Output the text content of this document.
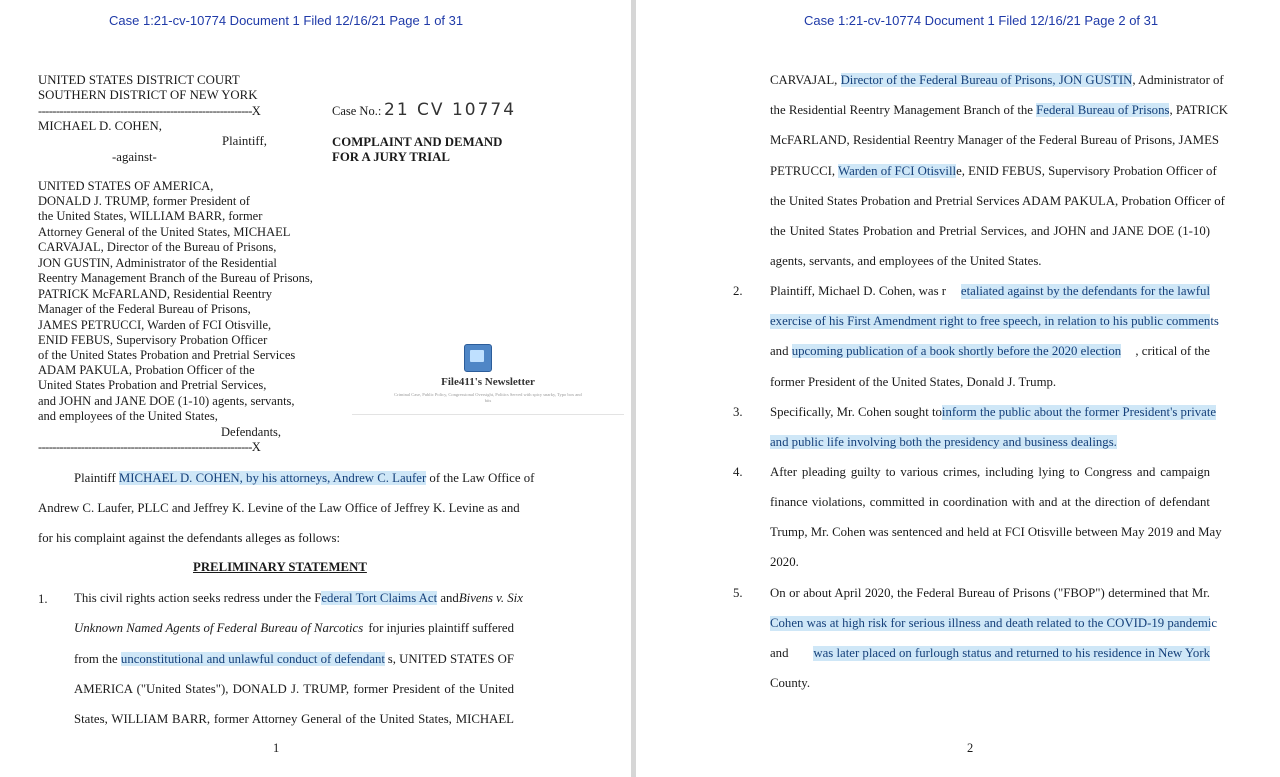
Case 1:21-cv-10774 Document 1 Filed 12/16/21 Page 1 of 31
UNITED STATES DISTRICT COURT
SOUTHERN DISTRICT OF NEW YORK
------------------------------------------------------------X
MICHAEL D. COHEN,
Plaintiff,
-against-
Case No.: 21 CV 10774
COMPLAINT AND DEMAND
FOR A JURY TRIAL
UNITED STATES OF AMERICA,
DONALD J. TRUMP, former President of
the United States, WILLIAM BARR, former
Attorney General of the United States, MICHAEL
CARVAJAL, Director of the Bureau of Prisons,
JON GUSTIN, Administrator of the Residential
Reentry Management Branch of the Bureau of Prisons,
PATRICK McFARLAND, Residential Reentry
Manager of the Federal Bureau of Prisons,
JAMES PETRUCCI, Warden of FCI Otisville,
ENID FEBUS, Supervisory Probation Officer
of the United States Probation and Pretrial Services
ADAM PAKULA, Probation Officer of the
United States Probation and Pretrial Services,
and JOHN and JANE DOE (1-10) agents, servants,
and employees of the United States,
Defendants,
------------------------------------------------------------X
File411's Newsletter
Criminal Case, Public Policy, Congressional Oversight, Politics Served with spicy snarky, Typo box and bits
Plaintiff MICHAEL D. COHEN, by his attorneys, Andrew C. Laufer of the Law Office of
Andrew C. Laufer, PLLC and Jeffrey K. Levine of the Law Office of Jeffrey K. Levine as and
for his complaint against the defendants alleges as follows:
PRELIMINARY STATEMENT
1. This civil rights action seeks redress under the Federal Tort Claims Act and Bivens v. Six
Unknown Named Agents of Federal Bureau of Narcotics for injuries plaintiff suffered
from the unconstitutional and unlawful conduct of defendant s, UNITED STATES OF
AMERICA ("United States"), DONALD J. TRUMP, former President of the United
States, WILLIAM BARR, former Attorney General of the United States, MICHAEL
1
Case 1:21-cv-10774 Document 1 Filed 12/16/21 Page 2 of 31
CARVAJAL, Director of the Federal Bureau of Prisons, JON GUSTIN , Administrator of
the Residential Reentry Management Branch of the Federal Bureau of Prisons , PATRICK
McFARLAND, Residential Reentry Manager of the Federal Bureau of Prisons, JAMES
PETRUCCI, Warden of FCI Otisvill e, ENID FEBUS, Supervisory Probation Officer of
the United States Probation and Pretrial Services ADAM PAKULA, Probation Officer of
the United States Probation and Pretrial Services, and JOHN and JANE DOE (1-10)
agents, servants, and employees of the United States.
2. Plaintiff, Michael D. Cohen, was r etaliated against by the defendants for the lawful
exercise of his First Amendment right to free speech, in relation to his public comments
and upcoming publication of a book shortly before the 2020 election , critical of the
former President of the United States, Donald J. Trump.
3. Specifically, Mr. Cohen sought to inform the public about the former President's private
and public life involving both the presidency and business dealings.
4. After pleading guilty to various crimes, including lying to Congress and campaign
finance violations, committed in coordination with and at the direction of defendant
Trump, Mr. Cohen was sentenced and held at FCI Otisville between May 2019 and May
2020.
5. On or about April 2020, the Federal Bureau of Prisons ("FBOP") determined that Mr.
Cohen was at high risk for serious illness and death related to the COVID-19 pandemic
and was later placed on furlough status and returned to his residence in New York
County.
2
